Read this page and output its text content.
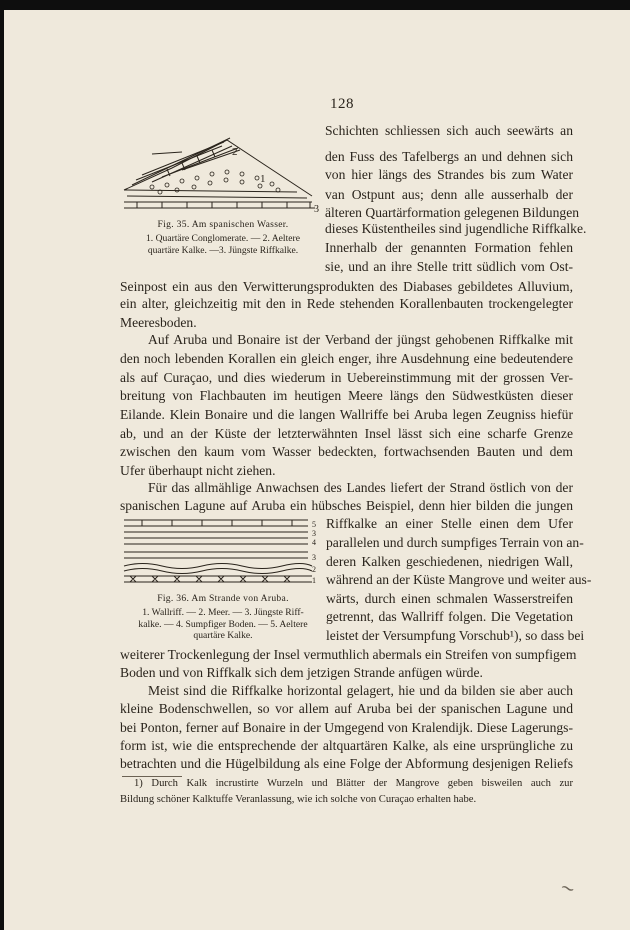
128
2
1
3
Fig. 35. Am spanischen Wasser.
1. Quartäre Conglomerate. — 2. Aeltere
quartäre Kalke. —3. Jüngste Riffkalke.
5
3
4
3
2
1
Fig. 36. Am Strande von Aruba.
1. Wallriff. — 2. Meer. — 3. Jüngste Riff-
kalke. — 4. Sumpfiger Boden. — 5. Aeltere
quartäre Kalke.
Schichten schliessen sich auch seewärts an
den Fuss des Tafelbergs an und dehnen sich
von hier längs des Strandes bis zum Water
van Ostpunt aus; denn alle ausserhalb der
älteren Quartärformation gelegenen Bildungen
dieses Küstentheiles sind jugendliche Riffkalke.
Innerhalb der genannten Formation fehlen
sie, und an ihre Stelle tritt südlich vom Ost-
Seinpost ein aus den Verwitterungsprodukten des Diabases gebildetes Alluvium,
ein alter, gleichzeitig mit den in Rede stehenden Korallenbauten trockengelegter
Meeresboden.
Auf Aruba und Bonaire ist der Verband der jüngst gehobenen Riffkalke mit
den noch lebenden Korallen ein gleich enger, ihre Ausdehnung eine bedeutendere
als auf Curaçao, und dies wiederum in Uebereinstimmung mit der grossen Ver-
breitung von Flachbauten im heutigen Meere längs den Südwestküsten dieser
Eilande. Klein Bonaire und die langen Wallriffe bei Aruba legen Zeugniss hiefür
ab, und an der Küste der letzterwähnten Insel lässt sich eine scharfe Grenze
zwischen den kaum vom Wasser bedeckten, fortwachsenden Bauten und dem
Ufer überhaupt nicht ziehen.
Für das allmählige Anwachsen des Landes liefert der Strand östlich von der
spanischen Lagune auf Aruba ein hübsches Beispiel, denn hier bilden die jungen
Riffkalke an einer Stelle einen dem Ufer
parallelen und durch sumpfiges Terrain von an-
deren Kalken geschiedenen, niedrigen Wall,
während an der Küste Mangrove und weiter aus-
wärts, durch einen schmalen Wasserstreifen
getrennt, das Wallriff folgen. Die Vegetation
leistet der Versumpfung Vorschub¹), so dass bei
weiterer Trockenlegung der Insel vermuthlich abermals ein Streifen von sumpfigem
Boden und von Riffkalk sich dem jetzigen Strande anfügen würde.
Meist sind die Riffkalke horizontal gelagert, hie und da bilden sie aber auch
kleine Bodenschwellen, so vor allem auf Aruba bei der spanischen Lagune und
bei Ponton, ferner auf Bonaire in der Umgegend von Kralendijk. Diese Lagerungs-
form ist, wie die entsprechende der altquartären Kalke, als eine ursprüngliche zu
betrachten und die Hügelbildung als eine Folge der Abformung desjenigen Reliefs
1) Durch Kalk incrustirte Wurzeln und Blätter der Mangrove geben bisweilen auch zur
Bildung schöner Kalktuffe Veranlassung, wie ich solche von Curaçao erhalten habe.
~
